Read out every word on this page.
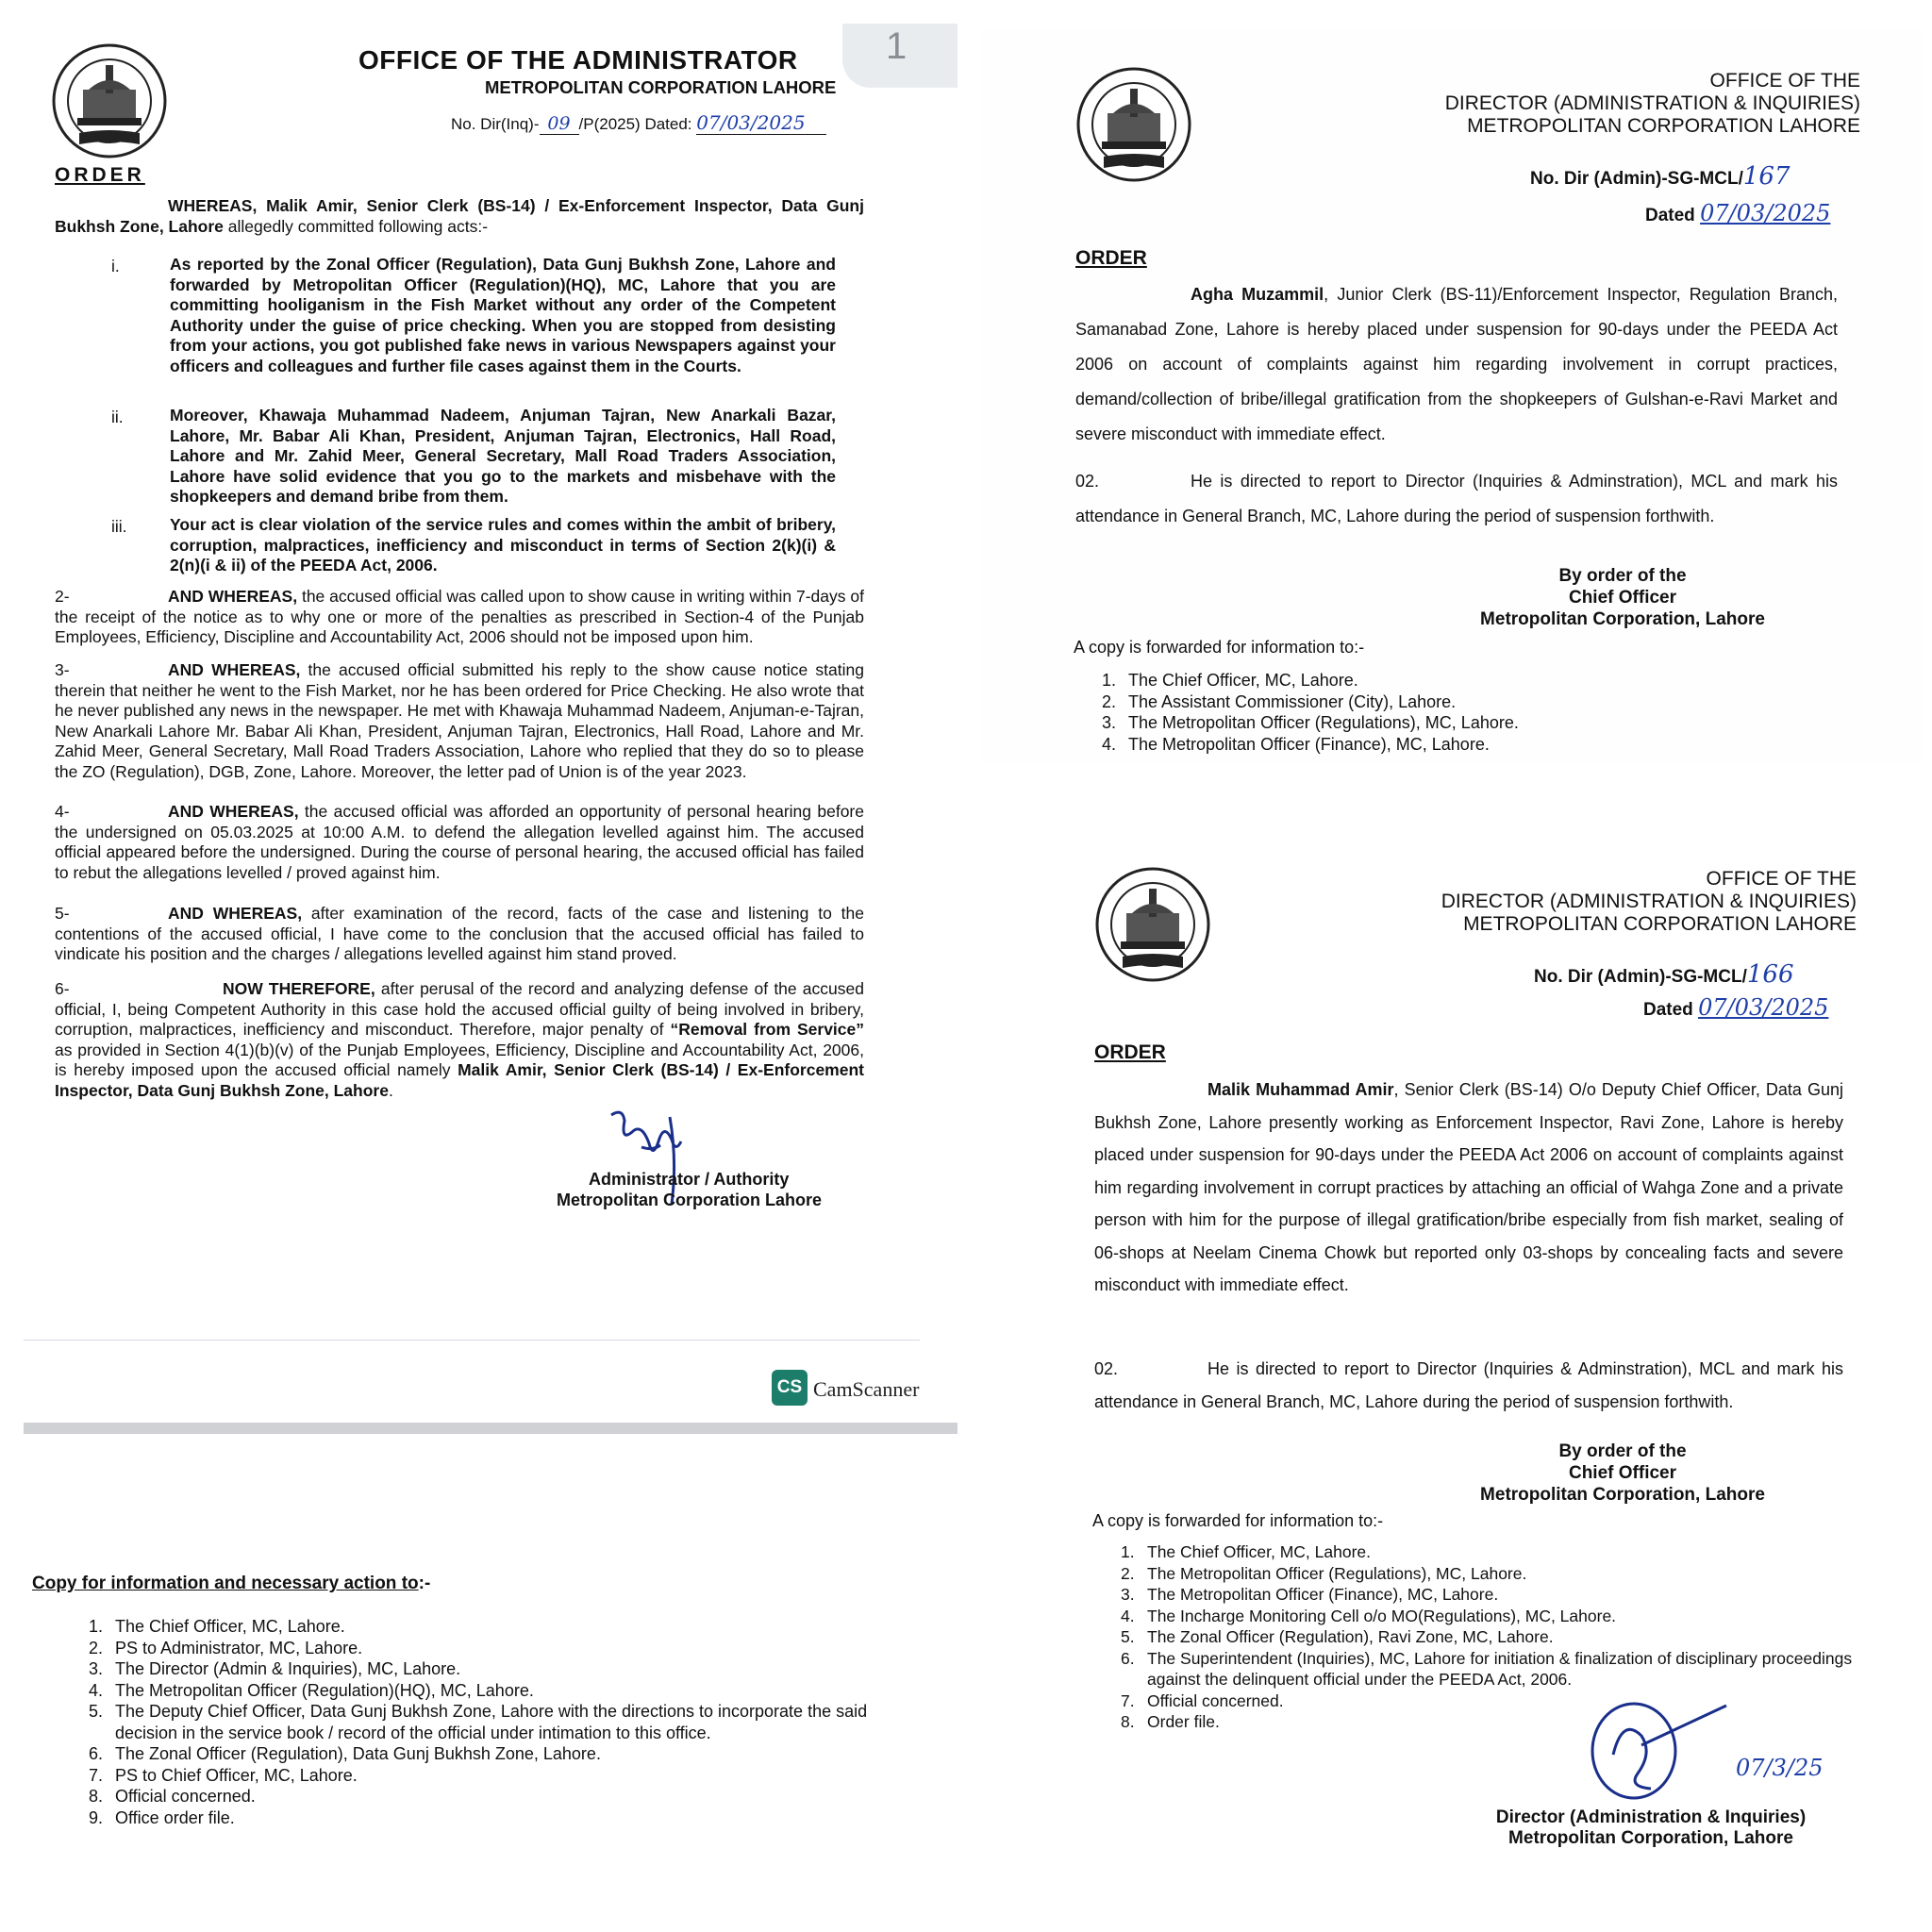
1
OFFICE OF THE ADMINISTRATOR
METROPOLITAN CORPORATION LAHORE
No. Dir(Inq)- 09 /P(2025) Dated: 07/03/2025
ORDER
WHEREAS, Malik Amir, Senior Clerk (BS-14) / Ex-Enforcement Inspector, Data Gunj Bukhsh Zone, Lahore allegedly committed following acts:-
i.	As reported by the Zonal Officer (Regulation), Data Gunj Bukhsh Zone, Lahore and forwarded by Metropolitan Officer (Regulation)(HQ), MC, Lahore that you are committing hooliganism in the Fish Market without any order of the Competent Authority under the guise of price checking. When you are stopped from desisting from your actions, you got published fake news in various Newspapers against your officers and colleagues and further file cases against them in the Courts.
ii.	Moreover, Khawaja Muhammad Nadeem, Anjuman Tajran, New Anarkali Bazar, Lahore, Mr. Babar Ali Khan, President, Anjuman Tajran, Electronics, Hall Road, Lahore and Mr. Zahid Meer, General Secretary, Mall Road Traders Association, Lahore have solid evidence that you go to the markets and misbehave with the shopkeepers and demand bribe from them.
iii.	Your act is clear violation of the service rules and comes within the ambit of bribery, corruption, malpractices, inefficiency and misconduct in terms of Section 2(k)(i) & 2(n)(i & ii) of the PEEDA Act, 2006.
2-	AND WHEREAS, the accused official was called upon to show cause in writing within 7-days of the receipt of the notice as to why one or more of the penalties as prescribed in Section-4 of the Punjab Employees, Efficiency, Discipline and Accountability Act, 2006 should not be imposed upon him.
3-	AND WHEREAS, the accused official submitted his reply to the show cause notice stating therein that neither he went to the Fish Market, nor he has been ordered for Price Checking. He also wrote that he never published any news in the newspaper. He met with Khawaja Muhammad Nadeem, Anjuman-e-Tajran, New Anarkali Lahore Mr. Babar Ali Khan, President, Anjuman Tajran, Electronics, Hall Road, Lahore and Mr. Zahid Meer, General Secretary, Mall Road Traders Association, Lahore who replied that they do so to please the ZO (Regulation), DGB, Zone, Lahore. Moreover, the letter pad of Union is of the year 2023.
4-	AND WHEREAS, the accused official was afforded an opportunity of personal hearing before the undersigned on 05.03.2025 at 10:00 A.M. to defend the allegation levelled against him. The accused official appeared before the undersigned. During the course of personal hearing, the accused official has failed to rebut the allegations levelled / proved against him.
5-	AND WHEREAS, after examination of the record, facts of the case and listening to the contentions of the accused official, I have come to the conclusion that the accused official has failed to vindicate his position and the charges / allegations levelled against him stand proved.
6-	NOW THEREFORE, after perusal of the record and analyzing defense of the accused official, I, being Competent Authority in this case hold the accused official guilty of being involved in bribery, corruption, malpractices, inefficiency and misconduct. Therefore, major penalty of “Removal from Service” as provided in Section 4(1)(b)(v) of the Punjab Employees, Efficiency, Discipline and Accountability Act, 2006, is hereby imposed upon the accused official namely Malik Amir, Senior Clerk (BS-14) / Ex-Enforcement Inspector, Data Gunj Bukhsh Zone, Lahore.
Administrator / Authority
Metropolitan Corporation Lahore
CS CamScanner
Copy for information and necessary action to:-
1. The Chief Officer, MC, Lahore.
2. PS to Administrator, MC, Lahore.
3. The Director (Admin & Inquiries), MC, Lahore.
4. The Metropolitan Officer (Regulation)(HQ), MC, Lahore.
5. The Deputy Chief Officer, Data Gunj Bukhsh Zone, Lahore with the directions to incorporate the said decision in the service book / record of the official under intimation to this office.
6. The Zonal Officer (Regulation), Data Gunj Bukhsh Zone, Lahore.
7. PS to Chief Officer, MC, Lahore.
8. Official concerned.
9. Office order file.
OFFICE OF THE
DIRECTOR (ADMINISTRATION & INQUIRIES)
METROPOLITAN CORPORATION LAHORE
No. Dir (Admin)-SG-MCL/167
Dated 07/03/2025
ORDER
Agha Muzammil, Junior Clerk (BS-11)/Enforcement Inspector, Regulation Branch, Samanabad Zone, Lahore is hereby placed under suspension for 90-days under the PEEDA Act 2006 on account of complaints against him regarding involvement in corrupt practices, demand/collection of bribe/illegal gratification from the shopkeepers of Gulshan-e-Ravi Market and severe misconduct with immediate effect.
02.	He is directed to report to Director (Inquiries & Adminstration), MCL and mark his attendance in General Branch, MC, Lahore during the period of suspension forthwith.
By order of the
Chief Officer
Metropolitan Corporation, Lahore
A copy is forwarded for information to:-
1. The Chief Officer, MC, Lahore.
2. The Assistant Commissioner (City), Lahore.
3. The Metropolitan Officer (Regulations), MC, Lahore.
4. The Metropolitan Officer (Finance), MC, Lahore.
OFFICE OF THE
DIRECTOR (ADMINISTRATION & INQUIRIES)
METROPOLITAN CORPORATION LAHORE
No. Dir (Admin)-SG-MCL/166
Dated 07/03/2025
ORDER
Malik Muhammad Amir, Senior Clerk (BS-14) O/o Deputy Chief Officer, Data Gunj Bukhsh Zone, Lahore presently working as Enforcement Inspector, Ravi Zone, Lahore is hereby placed under suspension for 90-days under the PEEDA Act 2006 on account of complaints against him regarding involvement in corrupt practices by attaching an official of Wahga Zone and a private person with him for the purpose of illegal gratification/bribe especially from fish market, sealing of 06-shops at Neelam Cinema Chowk but reported only 03-shops by concealing facts and severe misconduct with immediate effect.
02.	He is directed to report to Director (Inquiries & Adminstration), MCL and mark his attendance in General Branch, MC, Lahore during the period of suspension forthwith.
By order of the
Chief Officer
Metropolitan Corporation, Lahore
A copy is forwarded for information to:-
1. The Chief Officer, MC, Lahore.
2. The Metropolitan Officer (Regulations), MC, Lahore.
3. The Metropolitan Officer (Finance), MC, Lahore.
4. The Incharge Monitoring Cell o/o MO(Regulations), MC, Lahore.
5. The Zonal Officer (Regulation), Ravi Zone, MC, Lahore.
6. The Superintendent (Inquiries), MC, Lahore for initiation & finalization of disciplinary proceedings against the delinquent official under the PEEDA Act, 2006.
7. Official concerned.
8. Order file.
07/3/25
Director (Administration & Inquiries)
Metropolitan Corporation, Lahore
